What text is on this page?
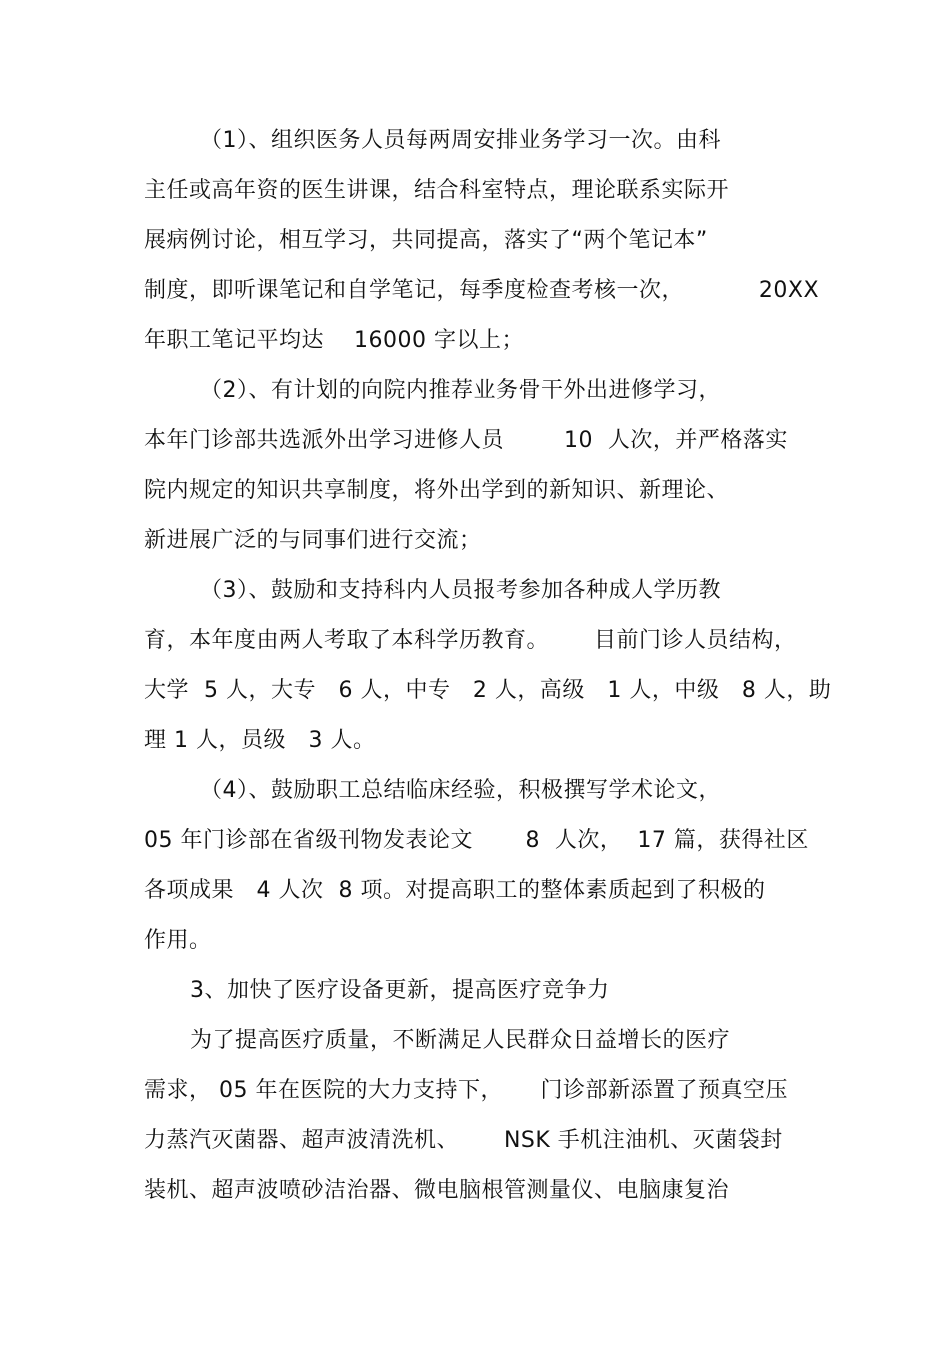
（1）、组织医务人员每两周安排业务学习一次。由科
主任或高年资的医生讲课，结合科室特点，理论联系实际开
展病例讨论，相互学习，共同提高，落实了“两个笔记本”
制度，即听课笔记和自学笔记，每季度检查考核一次，          20XX
年职工笔记平均达    16000 字以上；
（2）、有计划的向院内推荐业务骨干外出进修学习，
本年门诊部共选派外出学习进修人员        10  人次，并严格落实
院内规定的知识共享制度，将外出学到的新知识、新理论、
新进展广泛的与同事们进行交流；
（3）、鼓励和支持科内人员报考参加各种成人学历教
育，本年度由两人考取了本科学历教育。      目前门诊人员结构，
大学  5 人，大专   6 人，中专   2 人，高级   1 人，中级   8 人，助
理 1 人，员级   3 人。
（4）、鼓励职工总结临床经验，积极撰写学术论文，
05 年门诊部在省级刊物发表论文       8  人次，  17 篇，获得社区
各项成果   4 人次  8 项。对提高职工的整体素质起到了积极的
作用。
3、加快了医疗设备更新，提高医疗竞争力
为了提高医疗质量，不断满足人民群众日益增长的医疗
需求， 05 年在医院的大力支持下，     门诊部新添置了预真空压
力蒸汽灭菌器、超声波清洗机、      NSK 手机注油机、灭菌袋封
装机、超声波喷砂洁治器、微电脑根管测量仪、电脑康复治
